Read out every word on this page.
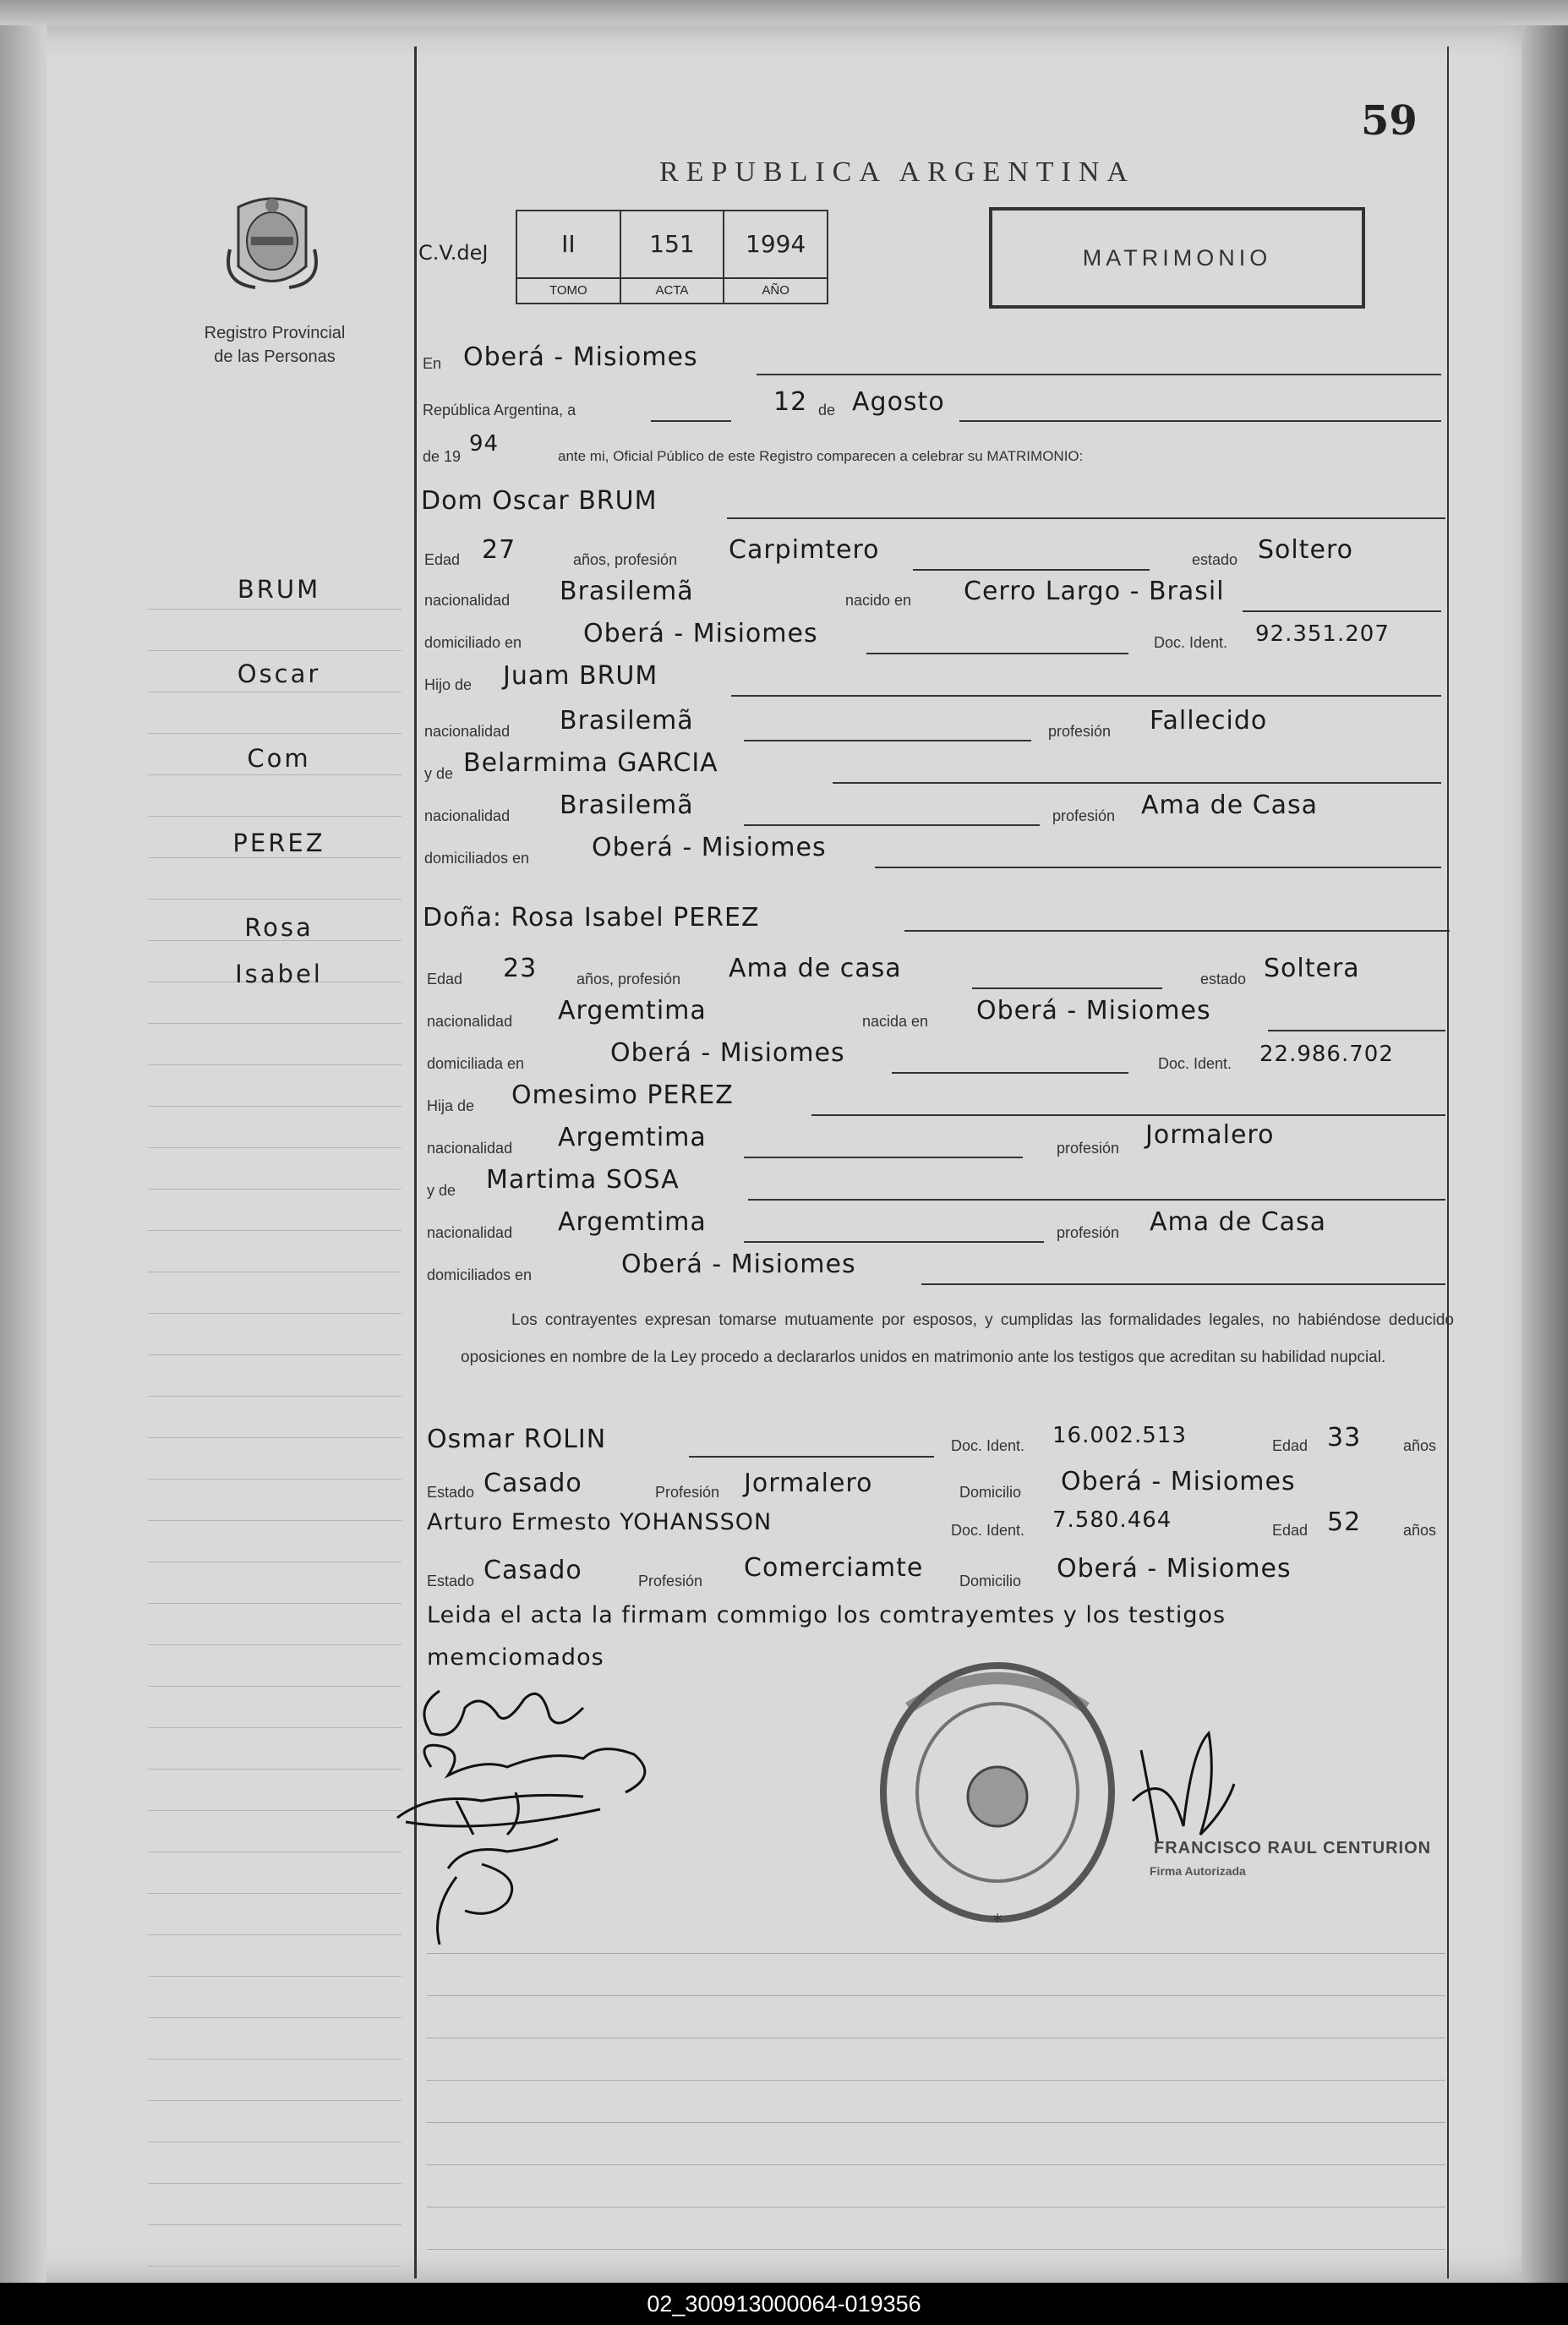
59
REPUBLICA ARGENTINA
Registro Provincial
de las Personas
C.V.deJ	II
TOMO
151
ACTA
1994
AÑO
MATRIMONIO
BRUM
Oscar
Com
PEREZ
Rosa
Isabel
En Oberá - Misiomes
República Argentina, a	12 de Agosto
de 19 94	ante mi, Oficial Público de este Registro comparecen a celebrar su MATRIMONIO:
Dom Oscar BRUM
Edad 27	años, profesión Carpimtero	estado Soltero
nacionalidad Brasilemã	nacido en Cerro Largo - Brasil
domiciliado en Oberá - Misiomes	Doc. Ident. 92.351.207
Hijo de Juam BRUM
nacionalidad Brasilemã	profesión Fallecido
y de Belarmima GARCIA
nacionalidad Brasilemã	profesión Ama de Casa
domiciliados en Oberá - Misiomes
Doña: Rosa Isabel PEREZ
Edad 23	años, profesión Ama de casa	estado Soltera
nacionalidad Argemtima	nacida en Oberá - Misiomes
domiciliada en	Oberá - Misiomes	Doc. Ident. 22.986.702
Hija de Omesimo PEREZ
nacionalidad Argemtima	profesión Jormalero
y de Martima SOSA
nacionalidad Argemtima	profesión Ama de Casa
domiciliados en	Oberá - Misiomes
Los contrayentes expresan tomarse mutuamente por esposos, y cumplidas las formalidades legales, no habiéndose deducido oposiciones en nombre de la Ley procedo a declararlos unidos en matrimonio ante los testigos que acreditan su habilidad nupcial.
Osmar ROLIN	Doc. Ident. 16.002.513	Edad 33	años
Estado Casado	Profesión Jormalero	Domicilio Oberá - Misiomes
Arturo Ermesto YOHANSSON	Doc. Ident. 7.580.464	Edad 52	años
Estado Casado	Profesión Comerciamte Domicilio Oberá - Misiomes
Leida el acta la firmam commigo los comtrayemtes y los testigos
memciomados
*
FRANCISCO RAUL CENTURION
Firma Autorizada
02_300913000064-019356
